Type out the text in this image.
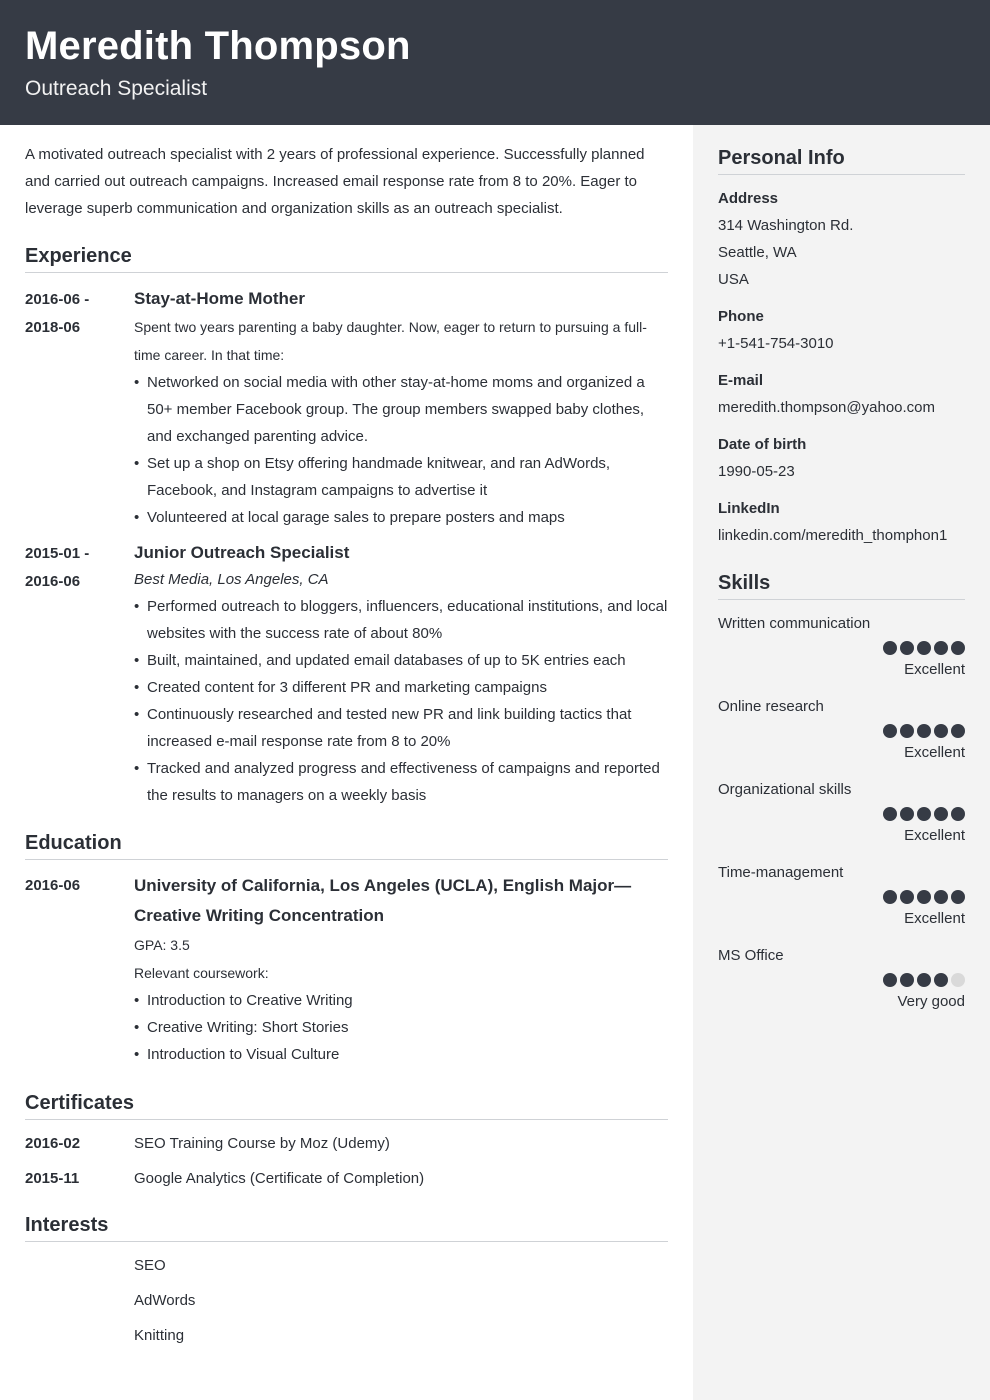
Meredith Thompson
Outreach Specialist

A motivated outreach specialist with 2 years of professional experience. Successfully planned and carried out outreach campaigns. Increased email response rate from 8 to 20%. Eager to leverage superb communication and organization skills as an outreach specialist.

Experience
2016-06 -
2018-06
Stay-at-Home Mother
Spent two years parenting a baby daughter. Now, eager to return to pursuing a full-time career. In that time:
• Networked on social media with other stay-at-home moms and organized a 50+ member Facebook group. The group members swapped baby clothes, and exchanged parenting advice.
• Set up a shop on Etsy offering handmade knitwear, and ran AdWords, Facebook, and Instagram campaigns to advertise it
• Volunteered at local garage sales to prepare posters and maps
2015-01 -
2016-06
Junior Outreach Specialist
Best Media, Los Angeles, CA
• Performed outreach to bloggers, influencers, educational institutions, and local websites with the success rate of about 80%
• Built, maintained, and updated email databases of up to 5K entries each
• Created content for 3 different PR and marketing campaigns
• Continuously researched and tested new PR and link building tactics that increased e-mail response rate from 8 to 20%
• Tracked and analyzed progress and effectiveness of campaigns and reported the results to managers on a weekly basis
Education
2016-06	University of California, Los Angeles (UCLA), English Major—Creative Writing Concentration
GPA: 3.5
Relevant coursework:
• Introduction to Creative Writing
• Creative Writing: Short Stories
• Introduction to Visual Culture
Certificates
2016-02	SEO Training Course by Moz (Udemy)
2015-11	Google Analytics (Certificate of Completion)
Interests
SEO
AdWords
Knitting
Personal Info
Address
314 Washington Rd.
Seattle, WA
USA
Phone
+1-541-754-3010
E-mail
meredith.thompson@yahoo.com
Date of birth
1990-05-23
LinkedIn
linkedin.com/meredith_thomphon1
Skills
Written communication
Excellent
Online research
Excellent
Organizational skills
Excellent
Time-management
Excellent
MS Office
Very good
